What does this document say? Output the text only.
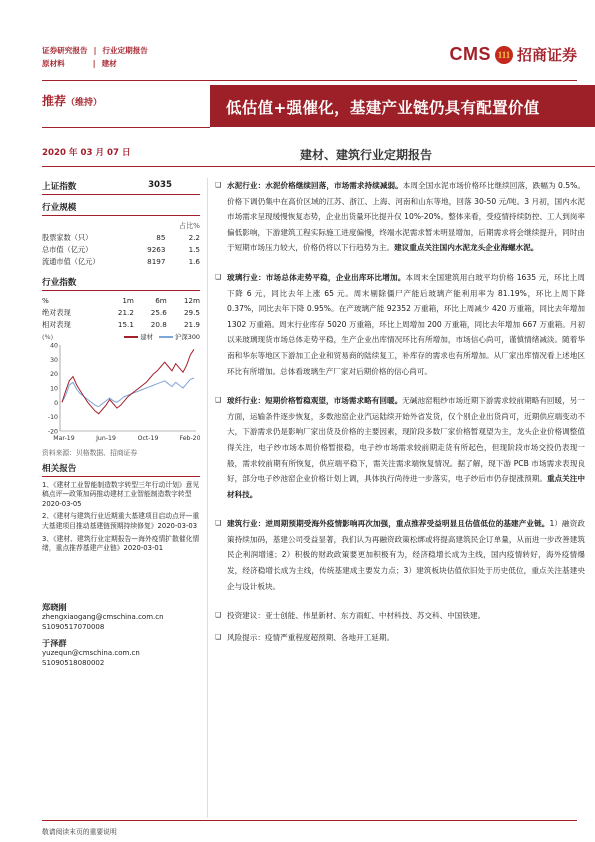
证券研究报告 | 行业定期报告
原材料	| 建材	CMS 111 招商证券
推荐（维持）	低估值+强催化，基建产业链仍具有配置价值
2020 年 03 月 07 日	建材、建筑行业定期报告
上证指数	3035
行业规模
		占比%
股票家数（只）	85	2.2
总市值（亿元）	9263	1.5
流通市值（亿元）	8197	1.6
行业指数
%	1m	6m	12m
绝对表现	21.2	25.6	29.5
相对表现	15.1	20.8	21.9
(%)	建材	沪深300
40
30
20
10
0
-10
-20
Mar-19	Jun-19	Oct-19	Feb-20
资料来源：贝格数据、招商证券
相关报告
1、《建材工业智能制造数字转型三年行动计划》意见稿点评—政策加码推动建材工业智能制造数字转型 2020-03-05
2、《建材与建筑行业近期重大基建项目启动点评—重大基建项目推动基建链预期持续修复》2020-03-03
3、《建材、建筑行业定期报告—海外疫情扩散催化情绪，重点推荐基建产业链》2020-03-01
郑晓刚
zhengxiaogang@cmschina.com.cn
S1090517070008
于泽群
yuzequn@cmschina.com.cn
S1090518080002
❑ 水泥行业：水泥价格继续回落，市场需求持续减弱。本周全国水泥市场价格环比继续回落，跌幅为 0.5%。价格下调仍集中在高价区域的江苏、浙江、上海、河南和山东等地，回落 30-50 元/吨。3 月初，国内水泥市场需求呈现缓慢恢复态势，企业出货量环比提升仅 10%-20%。整体来看，受疫情持续防控、工人到岗率偏低影响，下游建筑工程实际施工进度偏慢，终端水泥需求暂未明显增加，后期需求将会继续提升，同时由于短期市场压力较大，价格仍将以下行趋势为主。建议重点关注国内水泥龙头企业海螺水泥。
❑ 玻璃行业：市场总体走势平稳，企业出库环比增加。本周末全国建筑用白玻平均价格 1635 元，环比上周下降 6 元，同比去年上涨 65 元。周末剔除僵尸产能后玻璃产能利用率为 81.19%，环比上周下降 0.37%，同比去年下降 0.95%。在产玻璃产能 92352 万重箱，环比上周减少 420 万重箱，同比去年增加 1302 万重箱。周末行业库存 5020 万重箱，环比上周增加 200 万重箱，同比去年增加 667 万重箱。月初以来玻璃现货市场总体走势平稳，生产企业出库情况环比有所增加，市场信心尚可，谨慎情绪减淡。随着华南和华东等地区下游加工企业和贸易商的陆续复工，补库存的需求也有所增加。从厂家出库情况看上述地区环比有所增加。总体看玻璃生产厂家对后期价格的信心尚可。
❑ 玻纤行业：短期价格暂稳观望，市场需求略有回暖。无碱池窑粗纱市场近期下游需求较前期略有回暖，另一方面，运输条件逐步恢复，多数池窑企业汽运陆续开始外省发货，仅个别企业出货尚可，近期供应端变动不大，下游需求仍是影响厂家出货及价格的主要因素，现阶段多数厂家价格暂观望为主，龙头企业价格调整值得关注，电子纱市场本周价格暂报稳，电子纱市场需求较前期走货有所起色，但现阶段市场交投仍表现一般，需求较前期有所恢复，供应端平稳下，需关注需求端恢复情况。据了解，现下游 PCB 市场需求表现良好，部分电子纱池窑企业价格计划上调，具体执行尚待进一步落实，电子纱后市仍存提涨预期。重点关注中材科技。
❑ 建筑行业：逆周期预期受海外疫情影响再次加强，重点推荐受益明显且估值低位的基建产业链。1）融资政策持续加码，基建公司受益显著，我们认为再融资政策松绑或将提高建筑民企订单量，从而进一步改善建筑民企利润增速；2）积极的财政政策要更加积极有为，经济稳增长成为主线，国内疫情转好，海外疫情爆发，经济稳增长成为主线，传统基建成主要发力点；3）建筑板块估值依旧处于历史低位，重点关注基建央企与设计板块。
❑ 投资建议：亚士创能、伟星新材、东方雨虹、中材科技、苏交科、中国铁建。
❑ 风险提示：疫情严重程度超预期、各地开工延期。
敬请阅读末页的重要说明
